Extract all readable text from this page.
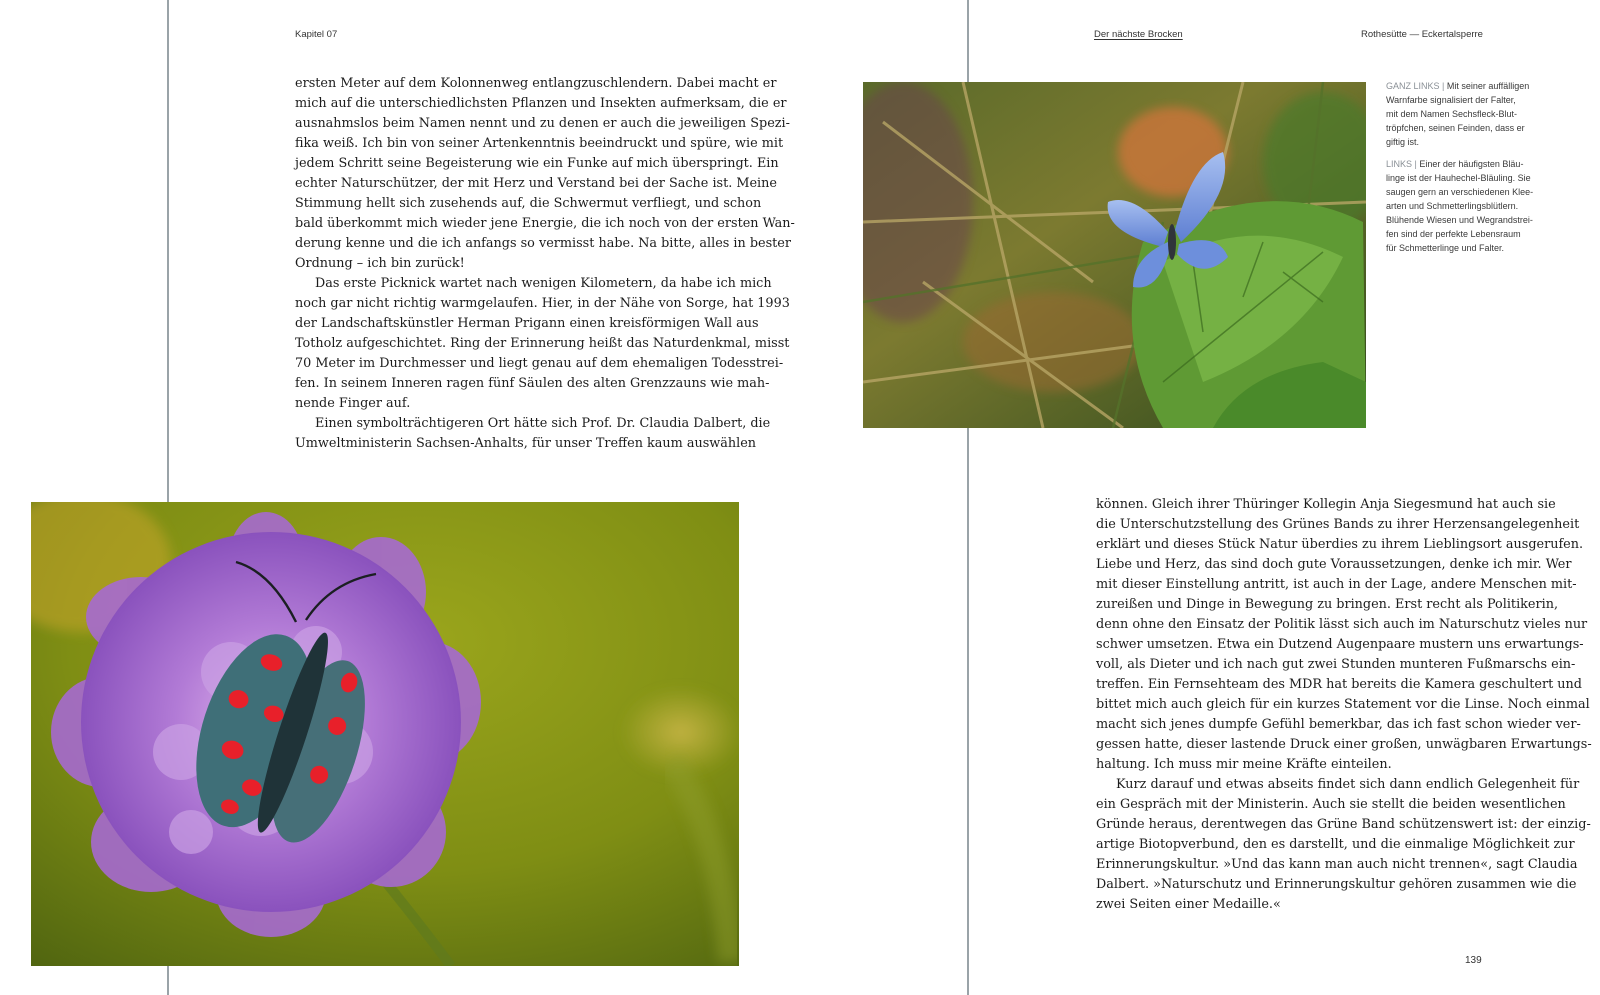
Kapitel 07	Der nächste Brocken	Rothesütte — Eckertalsperre

ersten Meter auf dem Kolonnenweg entlangzuschlendern. Dabei macht er

mich auf die unterschiedlichsten Pflanzen und Insekten aufmerksam, die er

ausnahmslos beim Namen nennt und zu denen er auch die jeweiligen Spezi-

fika weiß. Ich bin von seiner Artenkenntnis beeindruckt und spüre, wie mit

jedem Schritt seine Begeisterung wie ein Funke auf mich überspringt. Ein

echter Naturschützer, der mit Herz und Verstand bei der Sache ist. Meine

Stimmung hellt sich zusehends auf, die Schwermut verfliegt, und schon

bald überkommt mich wieder jene Energie, die ich noch von der ersten Wan-

derung kenne und die ich anfangs so vermisst habe. Na bitte, alles in bester

Ordnung – ich bin zurück!

Das erste Picknick wartet nach wenigen Kilometern, da habe ich mich

noch gar nicht richtig warmgelaufen. Hier, in der Nähe von Sorge, hat 1993

der Landschaftskünstler Herman Prigann einen kreisförmigen Wall aus

Totholz aufgeschichtet. Ring der Erinnerung heißt das Naturdenkmal, misst

70 Meter im Durchmesser und liegt genau auf dem ehemaligen Todesstrei-

fen. In seinem Inneren ragen fünf Säulen des alten Grenzzauns wie mah-

nende Finger auf.

Einen symbolträchtigeren Ort hätte sich Prof. Dr. Claudia Dalbert, die

Umweltministerin Sachsen-Anhalts, für unser Treffen kaum auswählen

GANZ LINKS | Mit seiner auffälligen

Warnfarbe signalisiert der Falter,

mit dem Namen Sechsfleck-Blut-

tröpfchen, seinen Feinden, dass er

giftig ist.

LINKS | Einer der häufigsten Bläu-

linge ist der Hauhechel-Bläuling. Sie

saugen gern an verschiedenen Klee-

arten und Schmetterlingsblütlern.

Blühende Wiesen und Wegrandstrei-

fen sind der perfekte Lebensraum

für Schmetterlinge und Falter.

können. Gleich ihrer Thüringer Kollegin Anja Siegesmund hat auch sie

die Unterschutzstellung des Grünes Bands zu ihrer Herzensangelegenheit

erklärt und dieses Stück Natur überdies zu ihrem Lieblingsort ausgerufen.

Liebe und Herz, das sind doch gute Voraussetzungen, denke ich mir. Wer

mit dieser Einstellung antritt, ist auch in der Lage, andere Menschen mit-

zureißen und Dinge in Bewegung zu bringen. Erst recht als Politikerin,

denn ohne den Einsatz der Politik lässt sich auch im Naturschutz vieles nur

schwer umsetzen. Etwa ein Dutzend Augenpaare mustern uns erwartungs-

voll, als Dieter und ich nach gut zwei Stunden munteren Fußmarschs ein-

treffen. Ein Fernsehteam des MDR hat bereits die Kamera geschultert und

bittet mich auch gleich für ein kurzes Statement vor die Linse. Noch einmal

macht sich jenes dumpfe Gefühl bemerkbar, das ich fast schon wieder ver-

gessen hatte, dieser lastende Druck einer großen, unwägbaren Erwartungs-

haltung. Ich muss mir meine Kräfte einteilen.

Kurz darauf und etwas abseits findet sich dann endlich Gelegenheit für

ein Gespräch mit der Ministerin. Auch sie stellt die beiden wesentlichen

Gründe heraus, derentwegen das Grüne Band schützenswert ist: der einzig-

artige Biotopverbund, den es darstellt, und die einmalige Möglichkeit zur

Erinnerungskultur. »Und das kann man auch nicht trennen«, sagt Claudia

Dalbert. »Naturschutz und Erinnerungskultur gehören zusammen wie die

zwei Seiten einer Medaille.«

139
